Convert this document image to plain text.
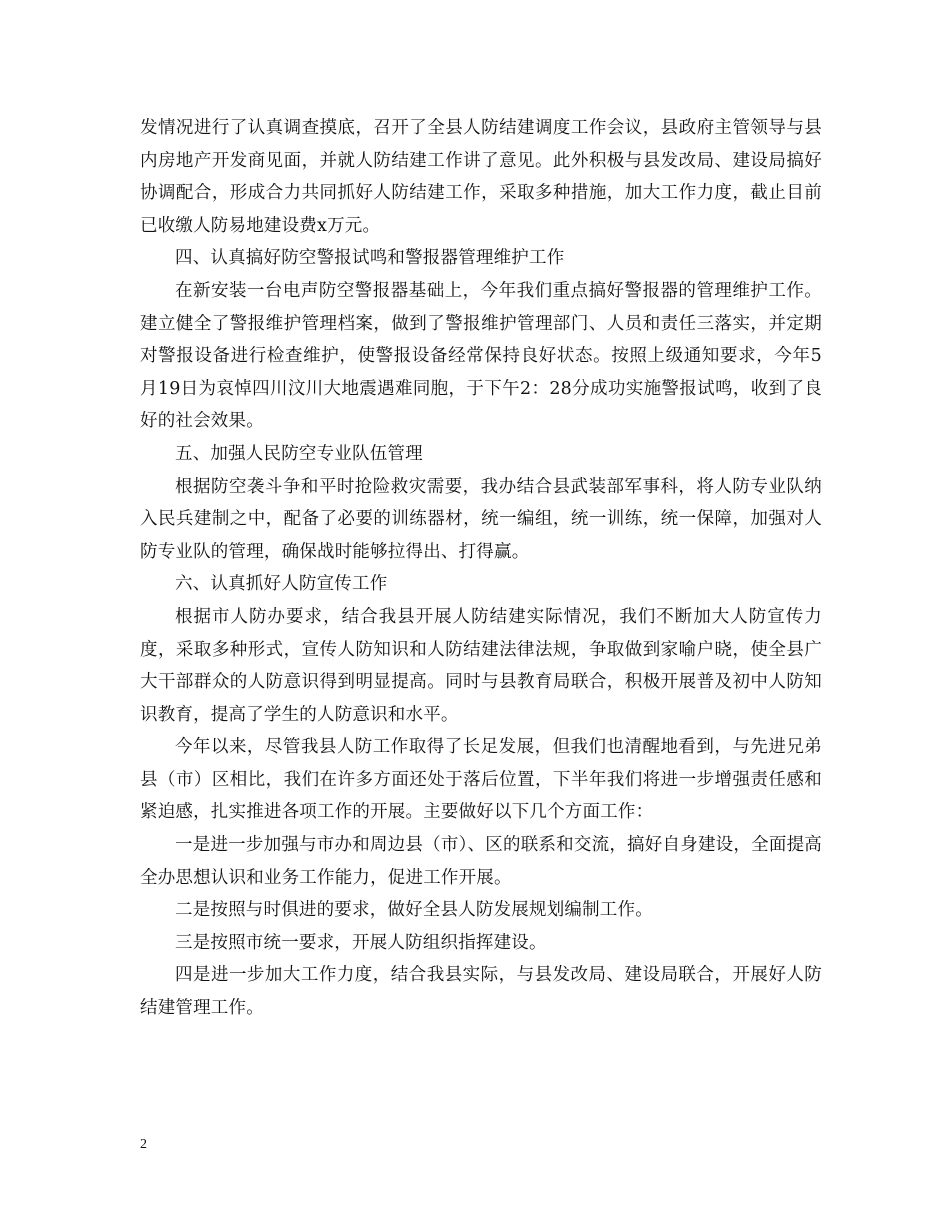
发情况进行了认真调查摸底，召开了全县人防结建调度工作会议，县政府主管领导与县内房地产开发商见面，并就人防结建工作讲了意见。此外积极与县发改局、建设局搞好协调配合，形成合力共同抓好人防结建工作，采取多种措施，加大工作力度，截止目前已收缴人防易地建设费x万元。

四、认真搞好防空警报试鸣和警报器管理维护工作

在新安装一台电声防空警报器基础上，今年我们重点搞好警报器的管理维护工作。建立健全了警报维护管理档案，做到了警报维护管理部门、人员和责任三落实，并定期对警报设备进行检查维护，使警报设备经常保持良好状态。按照上级通知要求，今年5月19日为哀悼四川汶川大地震遇难同胞，于下午2：28分成功实施警报试鸣，收到了良好的社会效果。

五、加强人民防空专业队伍管理

根据防空袭斗争和平时抢险救灾需要，我办结合县武装部军事科，将人防专业队纳入民兵建制之中，配备了必要的训练器材，统一编组，统一训练，统一保障，加强对人防专业队的管理，确保战时能够拉得出、打得赢。

六、认真抓好人防宣传工作

根据市人防办要求，结合我县开展人防结建实际情况，我们不断加大人防宣传力度，采取多种形式，宣传人防知识和人防结建法律法规，争取做到家喻户晓，使全县广大干部群众的人防意识得到明显提高。同时与县教育局联合，积极开展普及初中人防知识教育，提高了学生的人防意识和水平。

今年以来，尽管我县人防工作取得了长足发展，但我们也清醒地看到，与先进兄弟县（市）区相比，我们在许多方面还处于落后位置，下半年我们将进一步增强责任感和紧迫感，扎实推进各项工作的开展。主要做好以下几个方面工作：

一是进一步加强与市办和周边县（市）、区的联系和交流，搞好自身建设，全面提高全办思想认识和业务工作能力，促进工作开展。

二是按照与时俱进的要求，做好全县人防发展规划编制工作。

三是按照市统一要求，开展人防组织指挥建设。

四是进一步加大工作力度，结合我县实际，与县发改局、建设局联合，开展好人防结建管理工作。

2
